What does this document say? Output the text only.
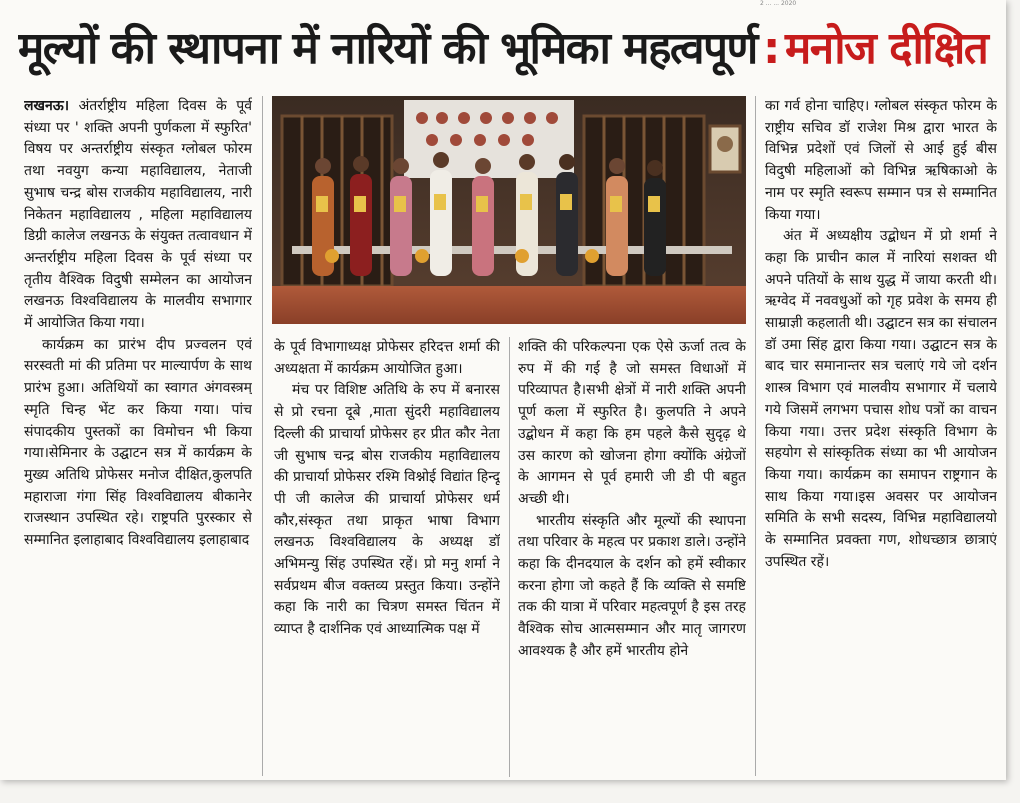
2 ... ... 2020
मूल्यों की स्थापना में नारियों की भूमिका महत्वपूर्ण : मनोज दीक्षित

लखनऊ। अंतर्राष्ट्रीय महिला दिवस के पूर्व संध्या पर ' शक्ति अपनी पुर्णकला में स्फुरित' विषय पर अन्तर्राष्ट्रीय संस्कृत ग्लोबल फोरम तथा नवयुग कन्या महाविद्यालय, नेताजी सुभाष चन्द्र बोस राजकीय महाविद्यालय, नारी निकेतन महाविद्यालय , महिला महाविद्यालय डिग्री कालेज लखनऊ के संयुक्त तत्वावधान में अन्तर्राष्ट्रीय महिला दिवस के पूर्व संध्या पर तृतीय वैश्विक विदुषी सम्मेलन का आयोजन लखनऊ विश्वविद्यालय के मालवीय सभागार में आयोजित किया गया।

कार्यक्रम का प्रारंभ दीप प्रज्वलन एवं सरस्वती मां की प्रतिमा पर माल्यार्पण के साथ प्रारंभ हुआ। अतिथियों का स्वागत अंगवस्त्रम् स्मृति चिन्ह भेंट कर किया गया। पांच संपादकीय पुस्तकों का विमोचन भी किया गया।सेमिनार के उद्घाटन सत्र में कार्यक्रम के मुख्य अतिथि प्रोफेसर मनोज दीक्षित,कुलपति महाराजा गंगा सिंह विश्वविद्यालय बीकानेर राजस्थान उपस्थित रहे। राष्ट्रपति पुरस्कार से सम्मानित इलाहाबाद विश्वविद्यालय इलाहाबाद

के पूर्व विभागाध्यक्ष प्रोफेसर हरिदत्त शर्मा की अध्यक्षता में कार्यक्रम आयोजित हुआ।

मंच पर विशिष्ट अतिथि के रुप में बनारस से प्रो रचना दूबे ,माता सुंदरी महाविद्यालय दिल्ली की प्राचार्या प्रोफेसर हर प्रीत कौर नेता जी सुभाष चन्द्र बोस राजकीय महाविद्यालय की प्राचार्या प्रोफेसर रश्मि विश्नोई विद्यांत हिन्दू पी जी कालेज की प्राचार्या प्रोफेसर धर्म कौर,संस्कृत तथा प्राकृत भाषा विभाग लखनऊ विश्वविद्यालय के अध्यक्ष डॉ अभिमन्यु सिंह उपस्थित रहें। प्रो मनु शर्मा ने सर्वप्रथम बीज वक्तव्य प्रस्तुत किया। उन्होंने कहा कि नारी का चित्रण समस्त चिंतन में व्याप्त है दार्शनिक एवं आध्यात्मिक पक्ष में

शक्ति की परिकल्पना एक ऐसे ऊर्जा तत्व के रुप में की गई है जो समस्त विधाओं में परिव्यापत है।सभी क्षेत्रों में नारी शक्ति अपनी पूर्ण कला में स्फुरित है। कुलपति ने अपने उद्बोधन में कहा कि हम पहले कैसे सुदृढ़ थे उस कारण को खोजना होगा क्योंकि अंग्रेजों के आगमन से पूर्व हमारी जी डी पी बहुत अच्छी थी।

भारतीय संस्कृति और मूल्यों की स्थापना तथा परिवार के महत्व पर प्रकाश डाले। उन्होंने कहा कि दीनदयाल के दर्शन को हमें स्वीकार करना होगा जो कहते हैं कि व्यक्ति से समष्टि तक की यात्रा में परिवार महत्वपूर्ण है इस तरह वैश्विक सोच आत्मसम्मान और मातृ जागरण आवश्यक है और हमें भारतीय होने

का गर्व होना चाहिए। ग्लोबल संस्कृत फोरम के राष्ट्रीय सचिव डॉ राजेश मिश्र द्वारा भारत के विभिन्न प्रदेशों एवं जिलों से आई हुई बीस विदुषी महिलाओं को विभिन्न ऋषिकाओ के नाम पर स्मृति स्वरूप सम्मान पत्र से सम्मानित किया गया।

अंत में अध्यक्षीय उद्बोधन में प्रो शर्मा ने कहा कि प्राचीन काल में नारियां सशक्त थी अपने पतियों के साथ युद्ध में जाया करती थी। ऋग्वेद में नववधुओं को गृह प्रवेश के समय ही साम्राज्ञी कहलाती थी। उद्घाटन सत्र का संचालन डॉ उमा सिंह द्वारा किया गया। उद्घाटन सत्र के बाद चार समानान्तर सत्र चलाएं गये जो दर्शन शास्त्र विभाग एवं मालवीय सभागार में चलाये गये जिसमें लगभग पचास शोध पत्रों का वाचन किया गया। उत्तर प्रदेश संस्कृति विभाग के सहयोग से सांस्कृतिक संध्या का भी आयोजन किया गया। कार्यक्रम का समापन राष्ट्रगान के साथ किया गया।इस अवसर पर आयोजन समिति के सभी सदस्य, विभिन्न महाविद्यालयो के सम्मानित प्रवक्ता गण, शोधच्छात्र छात्राएं उपस्थित रहें।
